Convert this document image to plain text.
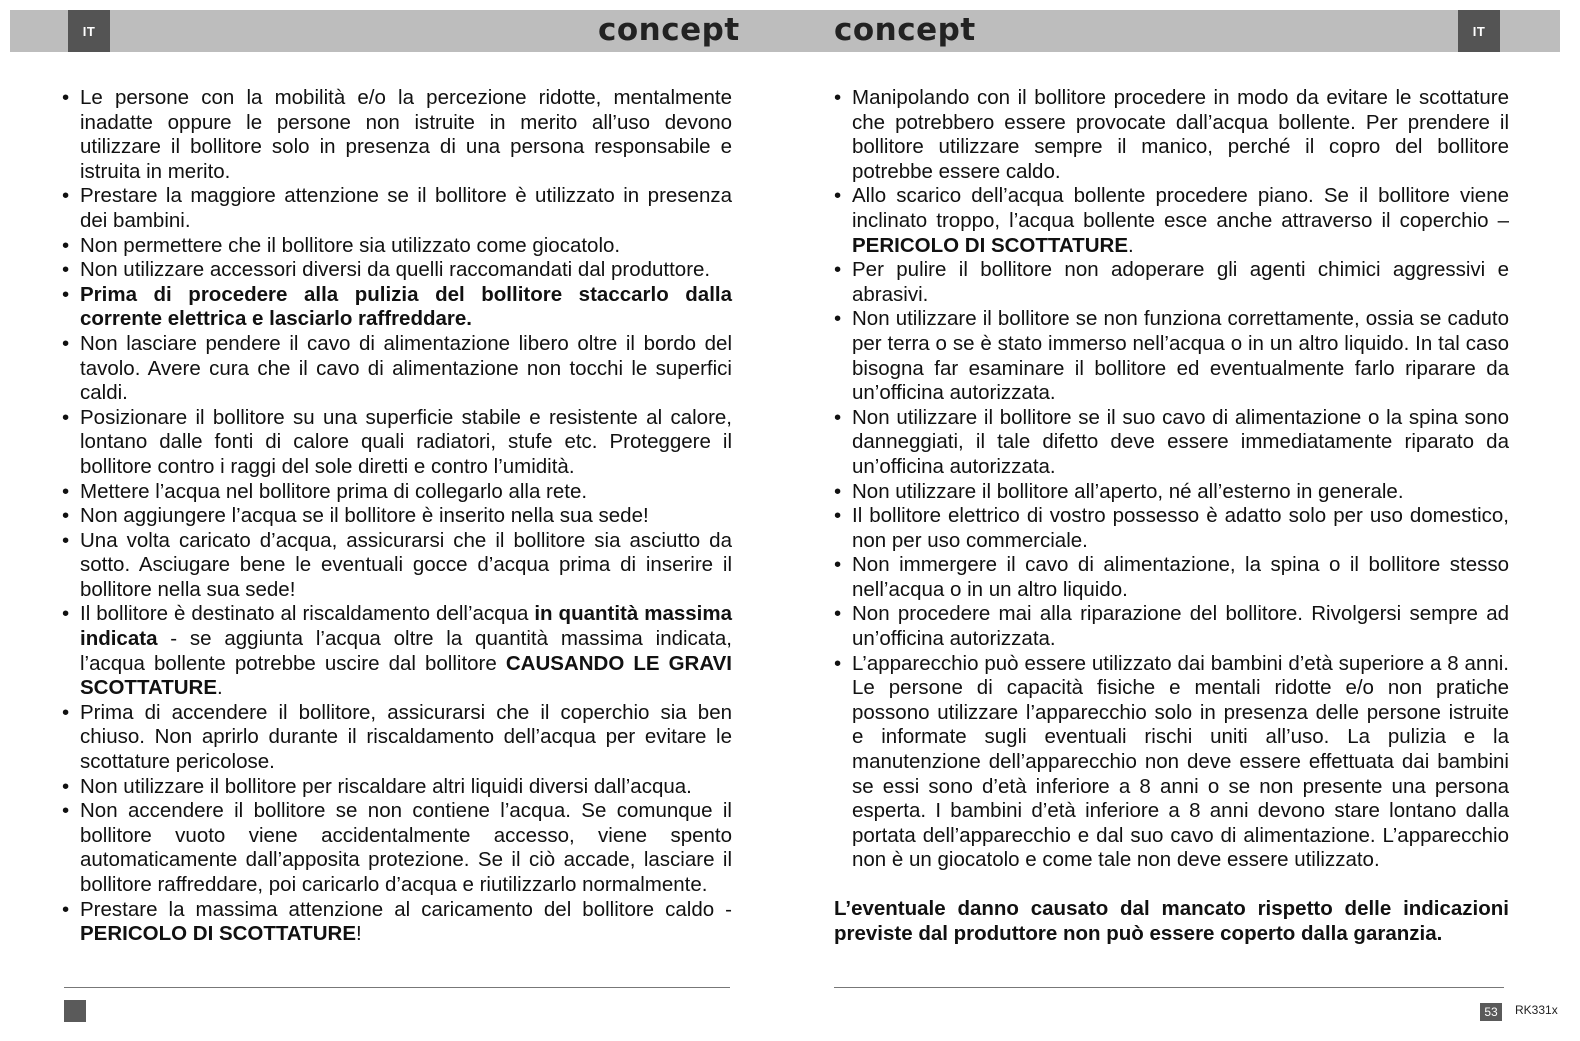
IT	concept
• Le persone con la mobilità e/o la percezione ridotte, mentalmente inadatte oppure le persone non istruite in merito all’uso devono utilizzare il bollitore solo in presenza di una persona responsabile e istruita in merito.
• Prestare la maggiore attenzione se il bollitore è utilizzato in presenza dei bambini.
• Non permettere che il bollitore sia utilizzato come giocatolo.
• Non utilizzare accessori diversi da quelli raccomandati dal produttore.
• Prima di procedere alla pulizia del bollitore staccarlo dalla corrente elettrica e lasciarlo raffreddare.
• Non lasciare pendere il cavo di alimentazione libero oltre il bordo del tavolo. Avere cura che il cavo di alimentazione non tocchi le superfici caldi.
• Posizionare il bollitore su una superficie stabile e resistente al calore, lontano dalle fonti di calore quali radiatori, stufe etc. Proteggere il bollitore contro i raggi del sole diretti e contro l’umidità.
• Mettere l’acqua nel bollitore prima di collegarlo alla rete.
• Non aggiungere l’acqua se il bollitore è inserito nella sua sede!
• Una volta caricato d’acqua, assicurarsi che il bollitore sia asciutto da sotto. Asciugare bene le eventuali gocce d’acqua prima di inserire il bollitore nella sua sede!
• Il bollitore è destinato al riscaldamento dell’acqua in quantità massima indicata - se aggiunta l’acqua oltre la quantità massima indicata, l’acqua bollente potrebbe uscire dal bollitore CAUSANDO LE GRAVI SCOTTATURE.
• Prima di accendere il bollitore, assicurarsi che il coperchio sia ben chiuso. Non aprirlo durante il riscaldamento dell’acqua per evitare le scottature pericolose.
• Non utilizzare il bollitore per riscaldare altri liquidi diversi dall’acqua.
• Non accendere il bollitore se non contiene l’acqua. Se comunque il bollitore vuoto viene accidentalmente accesso, viene spento automaticamente dall’apposita protezione. Se il ciò accade, lasciare il bollitore raffreddare, poi caricarlo d’acqua e riutilizzarlo normalmente.
• Prestare la massima attenzione al caricamento del bollitore caldo - PERICOLO DI SCOTTATURE!
concept	IT
• Manipolando con il bollitore procedere in modo da evitare le scottature che potrebbero essere provocate dall’acqua bollente. Per prendere il bollitore utilizzare sempre il manico, perché il copro del bollitore potrebbe essere caldo.
• Allo scarico dell’acqua bollente procedere piano. Se il bollitore viene inclinato troppo, l’acqua bollente esce anche attraverso il coperchio – PERICOLO DI SCOTTATURE.
• Per pulire il bollitore non adoperare gli agenti chimici aggressivi e abrasivi.
• Non utilizzare il bollitore se non funziona correttamente, ossia se caduto per terra o se è stato immerso nell’acqua o in un altro liquido. In tal caso bisogna far esaminare il bollitore ed eventualmente farlo riparare da un’officina autorizzata.
• Non utilizzare il bollitore se il suo cavo di alimentazione o la spina sono danneggiati, il tale difetto deve essere immediatamente riparato da un’officina autorizzata.
• Non utilizzare il bollitore all’aperto, né all’esterno in generale.
• Il bollitore elettrico di vostro possesso è adatto solo per uso domestico, non per uso commerciale.
• Non immergere il cavo di alimentazione, la spina o il bollitore stesso nell’acqua o in un altro liquido.
• Non procedere mai alla riparazione del bollitore. Rivolgersi sempre ad un’officina autorizzata.
• L’apparecchio può essere utilizzato dai bambini d’età superiore a 8 anni. Le persone di capacità fisiche e mentali ridotte e/o non pratiche possono utilizzare l’apparecchio solo in presenza delle persone istruite e informate sugli eventuali rischi uniti all’uso. La pulizia e la manutenzione dell’apparecchio non deve essere effettuata dai bambini se essi sono d’età inferiore a 8 anni o se non presente una persona esperta. I bambini d’età inferiore a 8 anni devono stare lontano dalla portata dell’apparecchio e dal suo cavo di alimentazione. L’apparecchio non è un giocatolo e come tale non deve essere utilizzato.
L’eventuale danno causato dal mancato rispetto delle indicazioni previste dal produttore non può essere coperto dalla garanzia.
53	RK331x
